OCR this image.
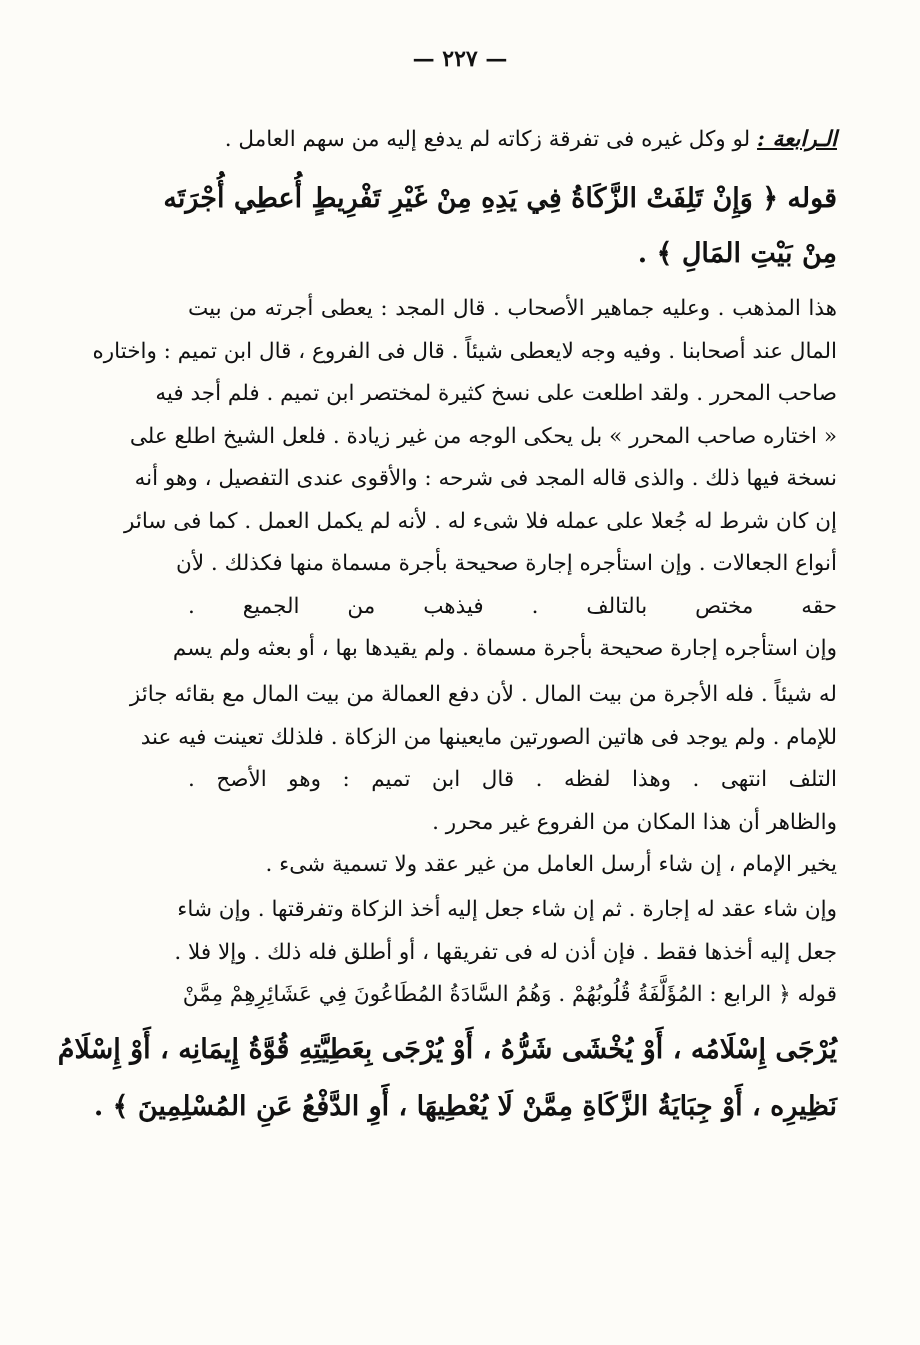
— ٢٢٧ —
الـرابعة : لو وكل غيره فى تفرقة زكاته لم يدفع إليه من سهم العامل .
قوله ﴿ وَإِنْ تَلِفَتْ الزَّكَاةُ فِي يَدِهِ مِنْ غَيْرِ تَفْرِيطٍ أُعطِي أُجْرَتَه
مِنْ بَيْتِ المَالِ ﴾ .
هذا المذهب . وعليه جماهير الأصحاب . قال المجد : يعطى أجرته من بيت
المال عند أصحابنا . وفيه وجه لايعطى شيئاً . قال فى الفروع ، قال ابن تميم : واختاره
صاحب المحرر . ولقد اطلعت على نسخ كثيرة لمختصر ابن تميم . فلم أجد فيه
« اختاره صاحب المحرر » بل يحكى الوجه من غير زيادة . فلعل الشيخ اطلع على
نسخة فيها ذلك . والذى قاله المجد فى شرحه : والأقوى عندى التفصيل ، وهو أنه
إن كان شرط له جُعلا على عمله فلا شىء له . لأنه لم يكمل العمل . كما فى سائر
أنواع الجعالات . وإن استأجره إجارة صحيحة بأجرة مسماة منها فكذلك . لأن
حقه مختص بالتالف . فيذهب من الجميع .
وإن استأجره إجارة صحيحة بأجرة مسماة . ولم يقيدها بها ، أو بعثه ولم يسم
له شيئاً . فله الأجرة من بيت المال . لأن دفع العمالة من بيت المال مع بقائه جائز
للإمام . ولم يوجد فى هاتين الصورتين مايعينها من الزكاة . فلذلك تعينت فيه عند
التلف انتهى . وهذا لفظه . قال ابن تميم : وهو الأصح .
والظاهر أن هذا المكان من الفروع غير محرر .
يخير الإمام ، إن شاء أرسل العامل من غير عقد ولا تسمية شىء .
وإن شاء عقد له إجارة . ثم إن شاء جعل إليه أخذ الزكاة وتفرقتها . وإن شاء
جعل إليه أخذها فقط . فإن أذن له فى تفريقها ، أو أطلق فله ذلك . وإلا فلا .
قوله ﴿ الرابع : المُؤَلَّفَةُ قُلُوبُهُمْ . وَهُمُ السَّادَةُ المُطَاعُونَ فِي عَشَائِرِهِمْ مِمَّنْ
يُرْجَى إِسْلَامُه ، أَوْ يُخْشَى شَرُّهُ ، أَوْ يُرْجَى بِعَطِيَّتِهِ قُوَّةُ إِيمَانِه ، أَوْ إِسْلَامُ
نَظِيرِه ، أَوْ جِبَايَةُ الزَّكَاةِ مِمَّنْ لَا يُعْطِيهَا ، أَوِ الدَّفْعُ عَنِ المُسْلِمِينَ ﴾ .
